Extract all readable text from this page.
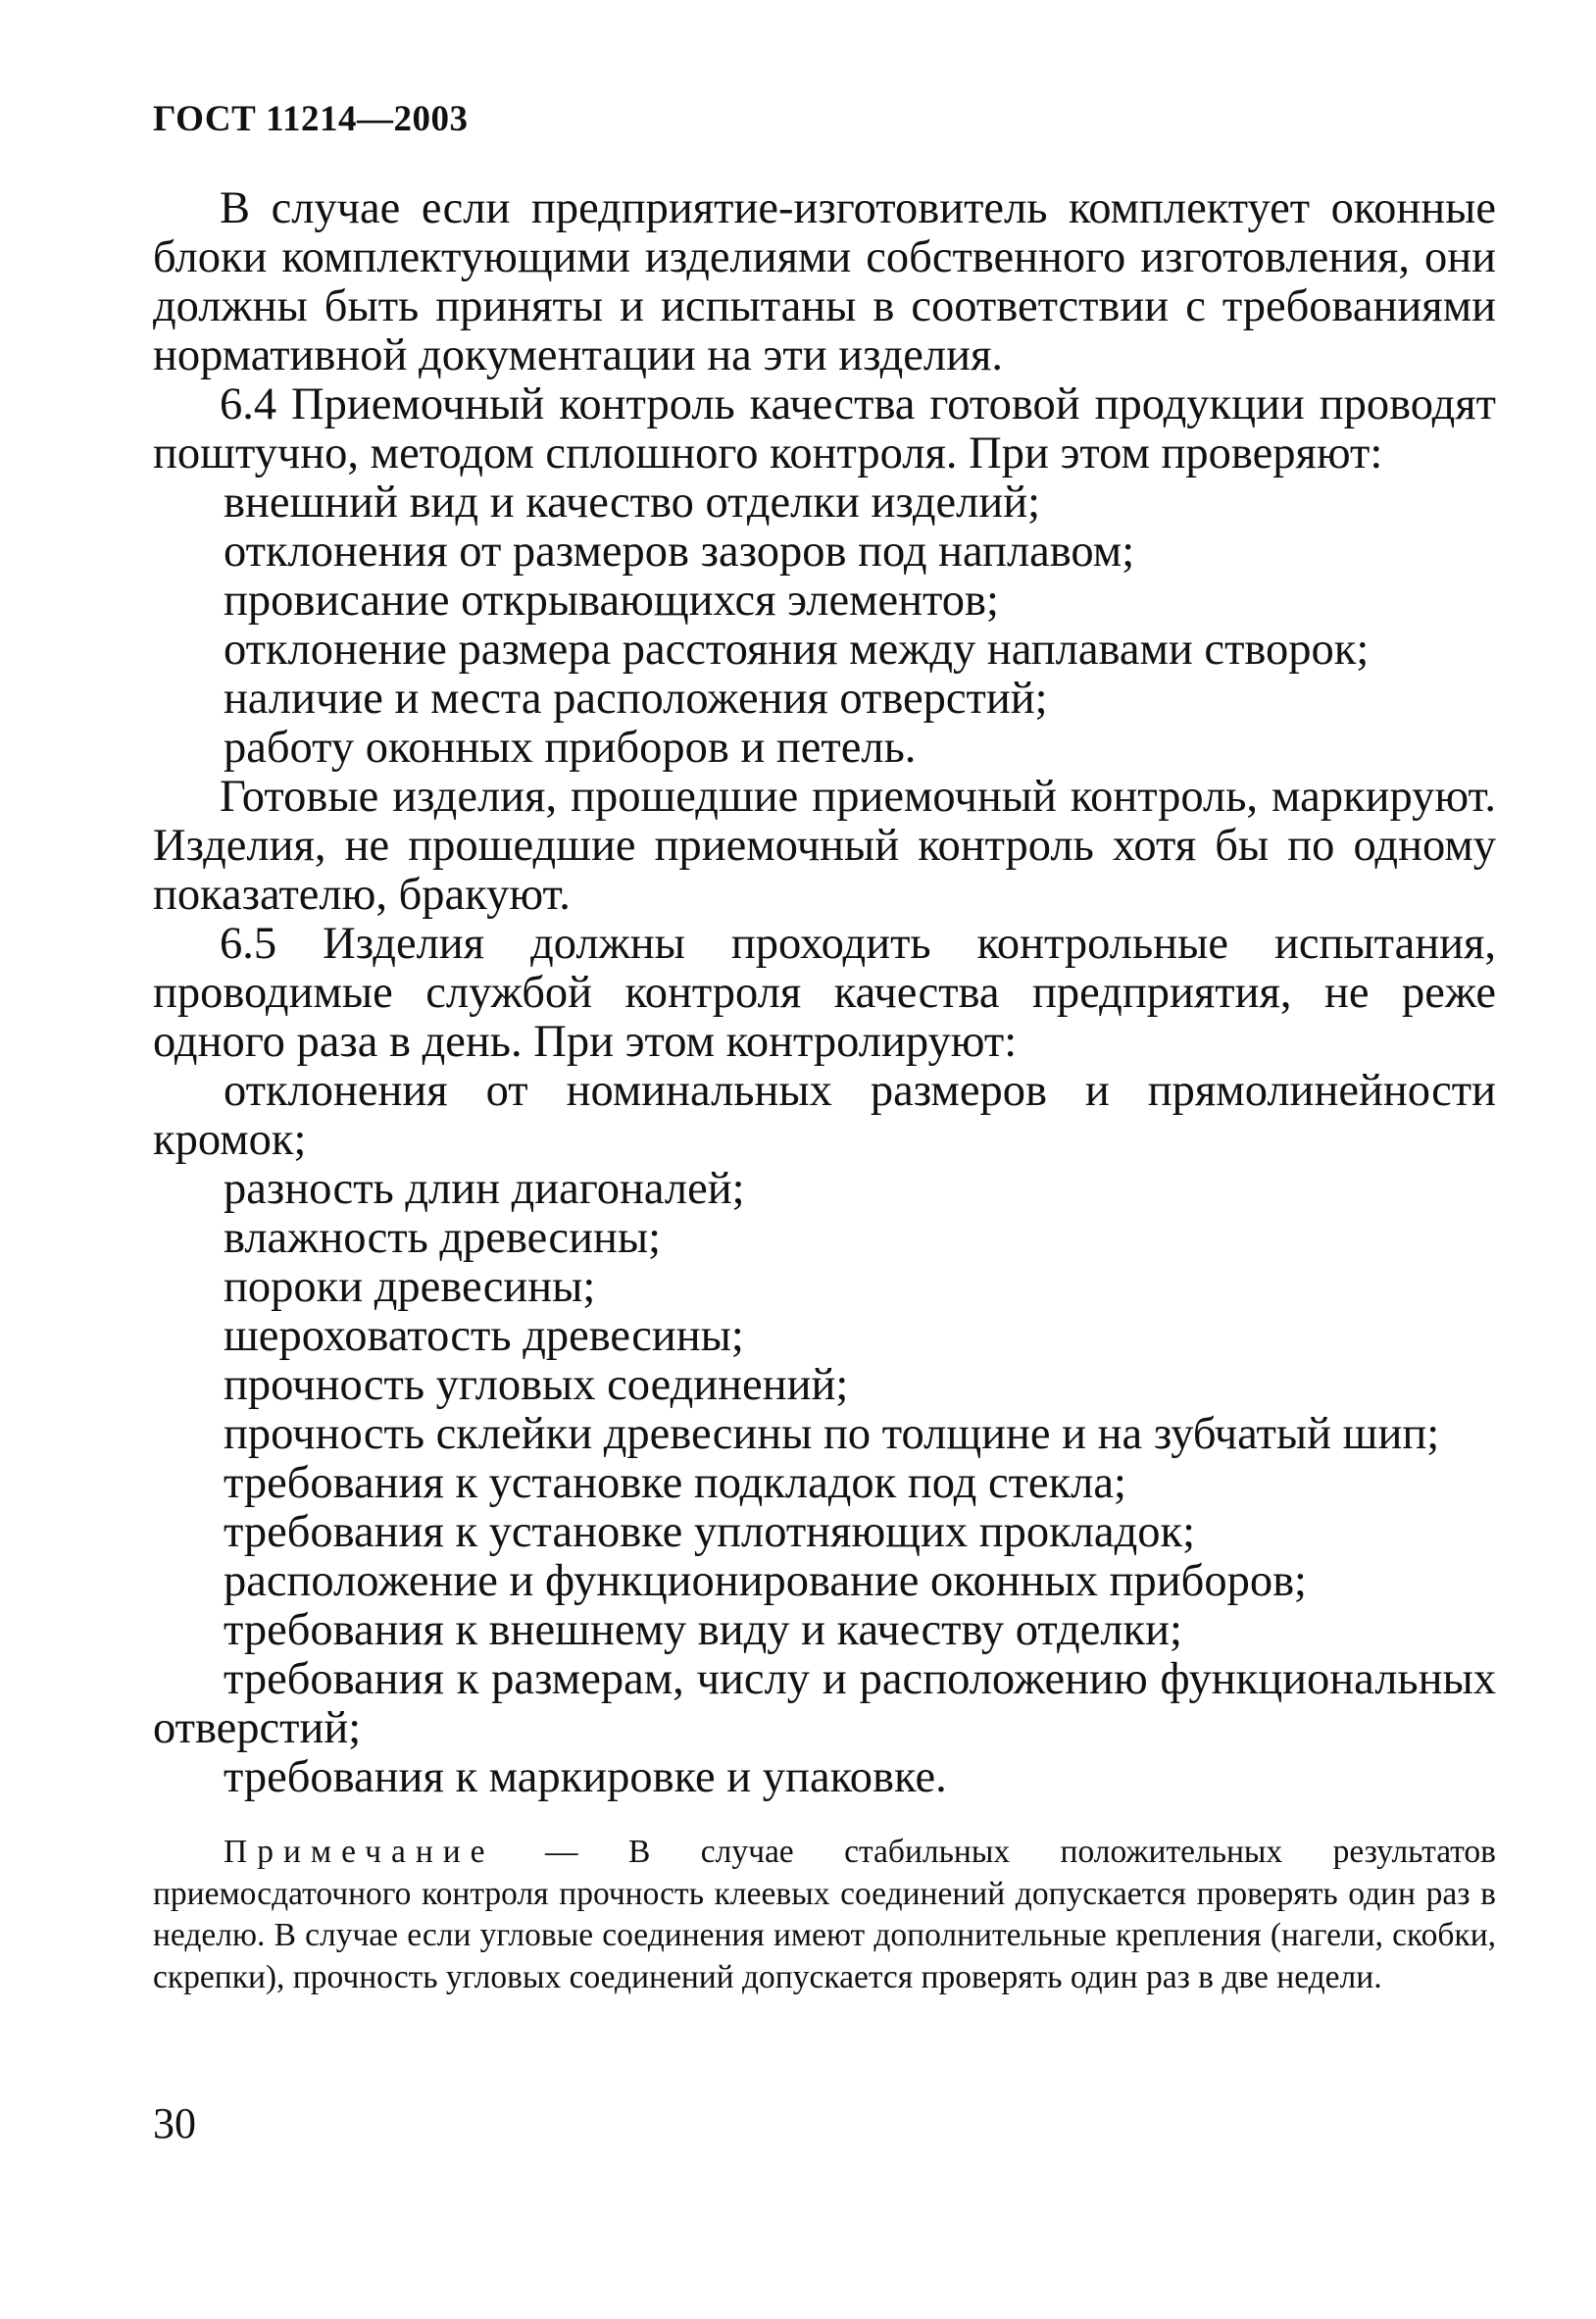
ГОСТ 11214—2003

В случае если предприятие-изготовитель комплектует оконные блоки комплектующими изделиями собственного изготовления, они должны быть приняты и испытаны в соответствии с требованиями нормативной документации на эти изделия.

6.4 Приемочный контроль качества готовой продукции проводят поштучно, методом сплошного контроля. При этом проверяют:

внешний вид и качество отделки изделий;
отклонения от размеров зазоров под наплавом;
провисание открывающихся элементов;
отклонение размера расстояния между наплавами створок;
наличие и места расположения отверстий;
работу оконных приборов и петель.

Готовые изделия, прошедшие приемочный контроль, маркируют. Изделия, не прошедшие приемочный контроль хотя бы по одному показателю, бракуют.

6.5 Изделия должны проходить контрольные испытания, проводимые службой контроля качества предприятия, не реже одного раза в день. При этом контролируют:

отклонения от номинальных размеров и прямолинейности кромок;
разность длин диагоналей;
влажность древесины;
пороки древесины;
шероховатость древесины;
прочность угловых соединений;
прочность склейки древесины по толщине и на зубчатый шип;
требования к установке подкладок под стекла;
требования к установке уплотняющих прокладок;
расположение и функционирование оконных приборов;
требования к внешнему виду и качеству отделки;
требования к размерам, числу и расположению функциональных отверстий;
требования к маркировке и упаковке.
Примечание — В случае стабильных положительных результатов приемосдаточного контроля прочность клеевых соединений допускается проверять один раз в неделю. В случае если угловые соединения имеют дополнительные крепления (нагели, скобки, скрепки), прочность угловых соединений допускается проверять один раз в две недели.
30
